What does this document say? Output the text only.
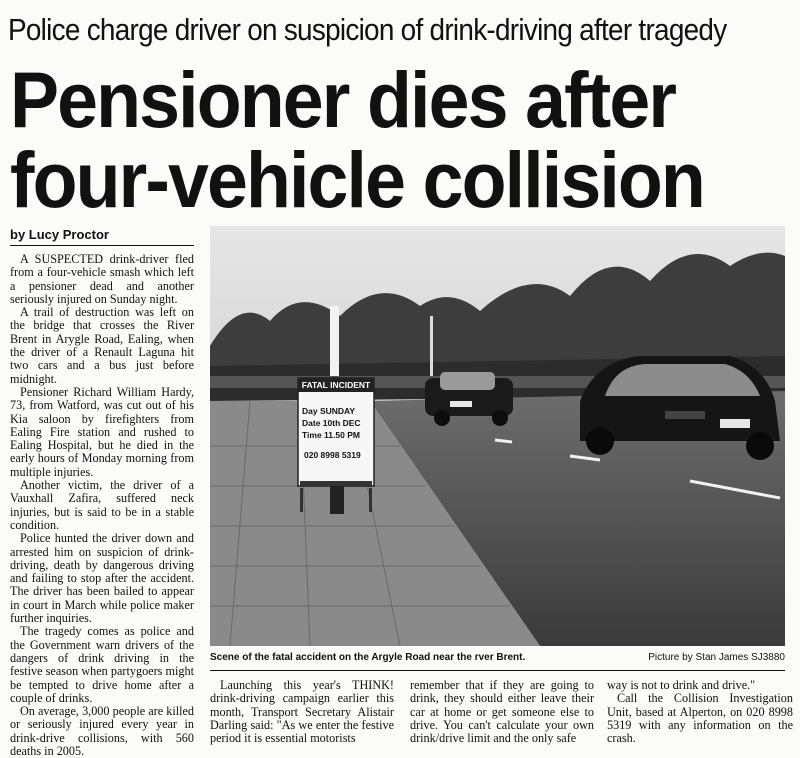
Police charge driver on suspicion of drink-driving after tragedy
Pensioner dies after
four-vehicle collision
by Lucy Proctor

A SUSPECTED drink-driver fled from a four-vehicle smash which left a pensioner dead and another seriously injured on Sunday night.

A trail of destruction was left on the bridge that crosses the River Brent in Arygle Road, Ealing, when the driver of a Renault Laguna hit two cars and a bus just before midnight.

Pensioner Richard William Hardy, 73, from Watford, was cut out of his Kia saloon by firefighters from Ealing Fire station and rushed to Ealing Hospital, but he died in the early hours of Monday morning from multiple injuries.

Another victim, the driver of a Vauxhall Zafira, suffered neck injuries, but is said to be in a stable condition.

Police hunted the driver down and arrested him on suspicion of drink-driving, death by dangerous driving and failing to stop after the accident. The driver has been bailed to appear in court in March while police maker further inquiries.

The tragedy comes as police and the Government warn drivers of the dangers of drink driving in the festive season when partygoers might be tempted to drive home after a couple of drinks.

On average, 3,000 people are killed or seriously injured every year in drink-drive collisions, with 560 deaths in 2005.

FATAL INCIDENT
Day SUNDAY
Date 10th DEC
Time 11.50 PM
020 8998 5319
Scene of the fatal accident on the Argyle Road near the rver Brent.	Picture by Stan James SJ3880

Launching this year's THINK! drink-driving campaign earlier this month, Transport Secretary Alistair Darling said: "As we enter the festive period it is essential motorists

remember that if they are going to drink, they should either leave their car at home or get someone else to drive. You can't calculate your own drink/drive limit and the only safe

way is not to drink and drive."

Call the Collision Investigation Unit, based at Alperton, on 020 8998 5319 with any information on the crash.
